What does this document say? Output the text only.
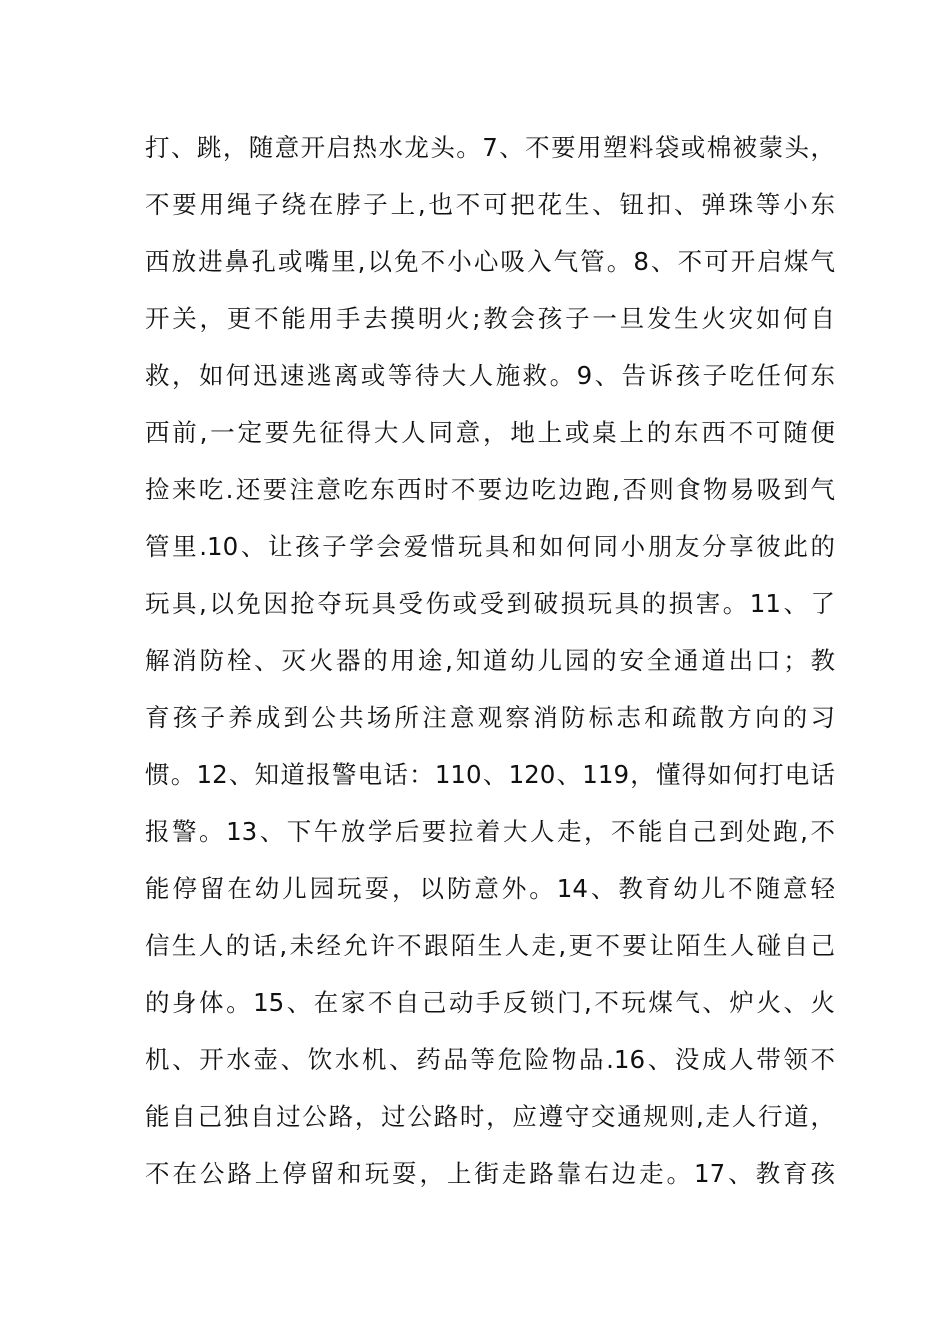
打、跳，随意开启热水龙头。7、不要用塑料袋或棉被蒙头，
不要用绳子绕在脖子上,也不可把花生、钮扣、弹珠等小东
西放进鼻孔或嘴里,以免不小心吸入气管。8、不可开启煤气
开关，更不能用手去摸明火;教会孩子一旦发生火灾如何自
救，如何迅速逃离或等待大人施救。9、告诉孩子吃任何东
西前,一定要先征得大人同意，地上或桌上的东西不可随便
捡来吃.还要注意吃东西时不要边吃边跑,否则食物易吸到气
管里.10、让孩子学会爱惜玩具和如何同小朋友分享彼此的
玩具,以免因抢夺玩具受伤或受到破损玩具的损害。11、了
解消防栓、灭火器的用途,知道幼儿园的安全通道出口；教
育孩子养成到公共场所注意观察消防标志和疏散方向的习
惯。12、知道报警电话：110、120、119，懂得如何打电话
报警。13、下午放学后要拉着大人走，不能自己到处跑,不
能停留在幼儿园玩耍，以防意外。14、教育幼儿不随意轻
信生人的话,未经允许不跟陌生人走,更不要让陌生人碰自己
的身体。15、在家不自己动手反锁门,不玩煤气、炉火、火
机、开水壶、饮水机、药品等危险物品.16、没成人带领不
能自己独自过公路，过公路时，应遵守交通规则,走人行道，
不在公路上停留和玩耍，上街走路靠右边走。17、教育孩
